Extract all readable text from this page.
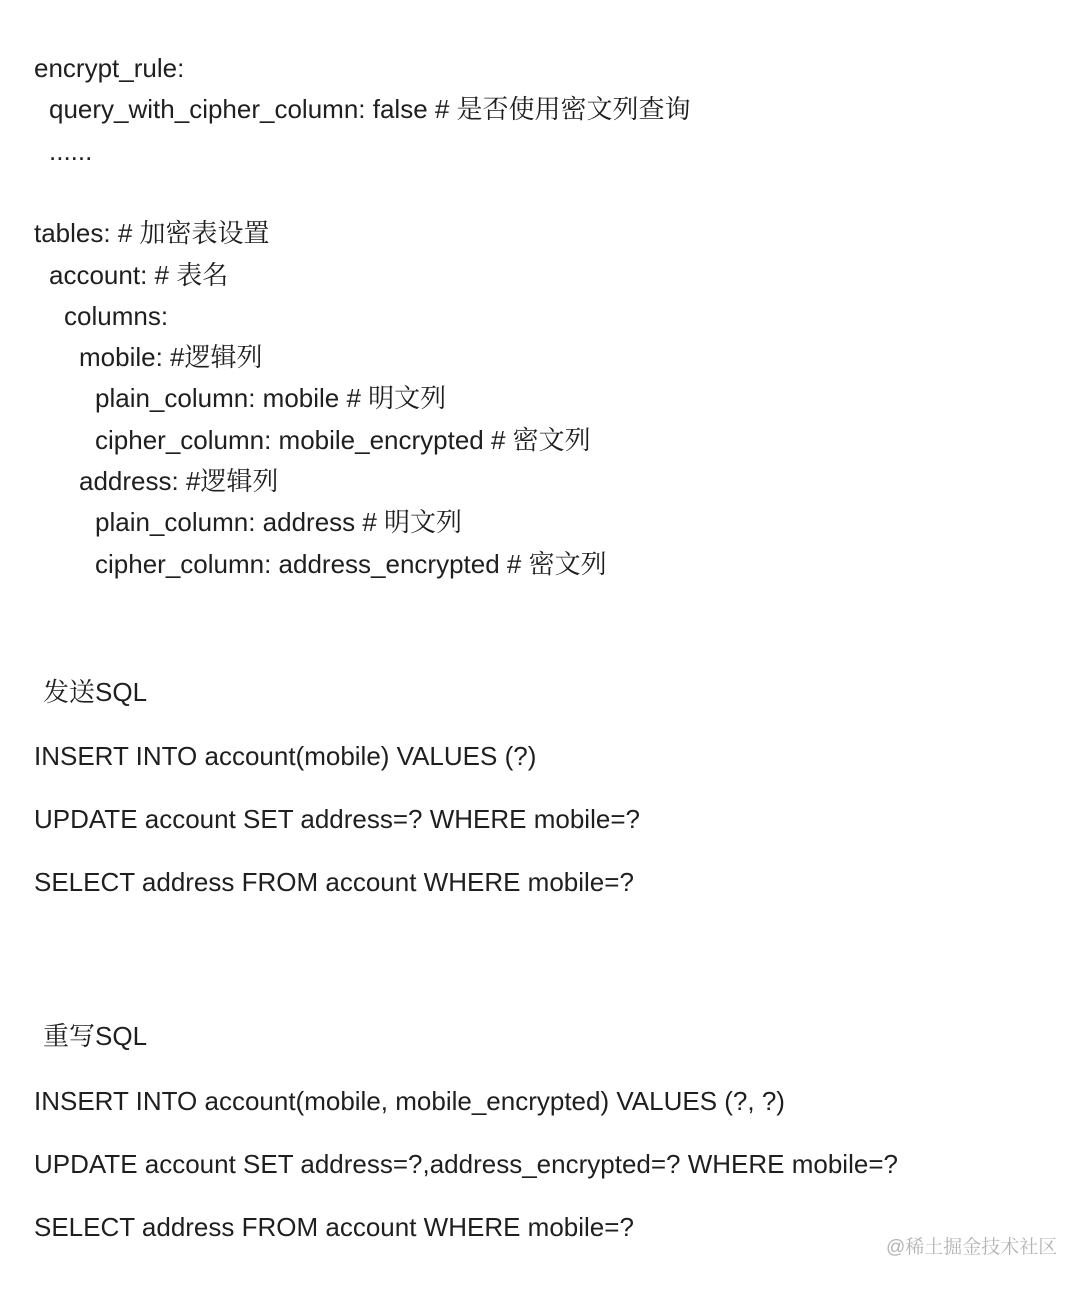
encrypt_rule:
query_with_cipher_column: false # 是否使用密文列查询
......
tables: # 加密表设置
account: # 表名
columns:
mobile: #逻辑列
plain_column: mobile # 明文列
cipher_column: mobile_encrypted # 密文列
address: #逻辑列
plain_column: address # 明文列
cipher_column: address_encrypted # 密文列
发送SQL
INSERT INTO account(mobile) VALUES (?)
UPDATE account SET address=? WHERE mobile=?
SELECT address FROM account WHERE mobile=?
重写SQL
INSERT INTO account(mobile, mobile_encrypted) VALUES (?, ?)
UPDATE account SET address=?,address_encrypted=? WHERE mobile=?
SELECT address FROM account WHERE mobile=?
@稀土掘金技术社区
